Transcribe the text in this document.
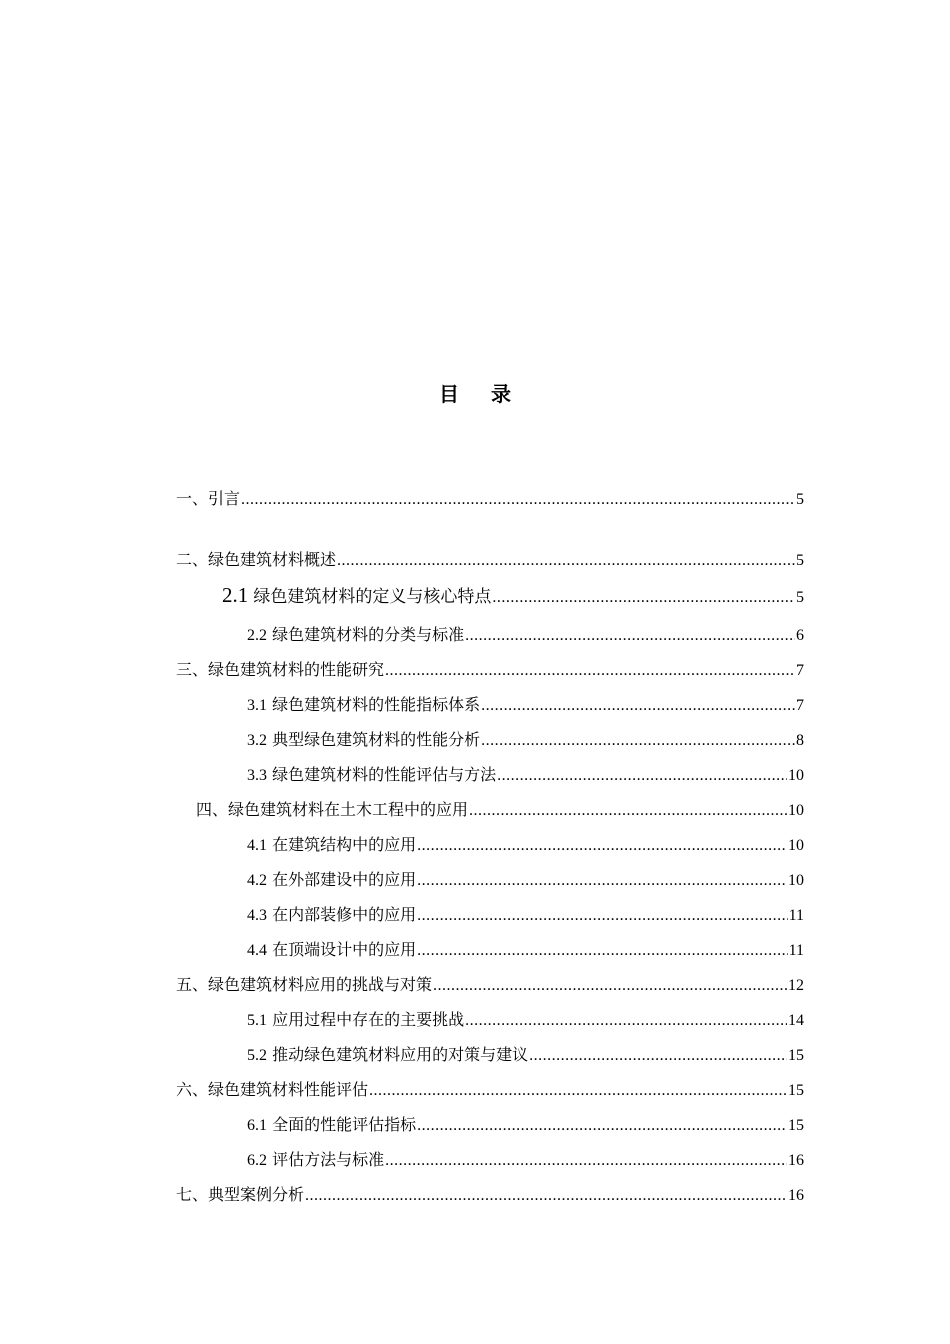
目录
一、引言 .....	5
二、绿色建筑材料概述 .....	5
2.1 绿色建筑材料的定义与核心特点 .....	5
2.2 绿色建筑材料的分类与标准 .....	6
三、绿色建筑材料的性能研究 .....	7
3.1 绿色建筑材料的性能指标体系 .....	7
3.2 典型绿色建筑材料的性能分析 .....	8
3.3 绿色建筑材料的性能评估与方法 .....	10
四、绿色建筑材料在土木工程中的应用 .....	10
4.1 在建筑结构中的应用 .....	10
4.2 在外部建设中的应用 .....	10
4.3 在内部装修中的应用 .....	11
4.4 在顶端设计中的应用 .....	11
五、绿色建筑材料应用的挑战与对策 .....	12
5.1 应用过程中存在的主要挑战 .....	14
5.2 推动绿色建筑材料应用的对策与建议 .....	15
六、绿色建筑材料性能评估 .....	15
6.1 全面的性能评估指标 .....	15
6.2 评估方法与标准 .....	16
七、典型案例分析 .....	16
